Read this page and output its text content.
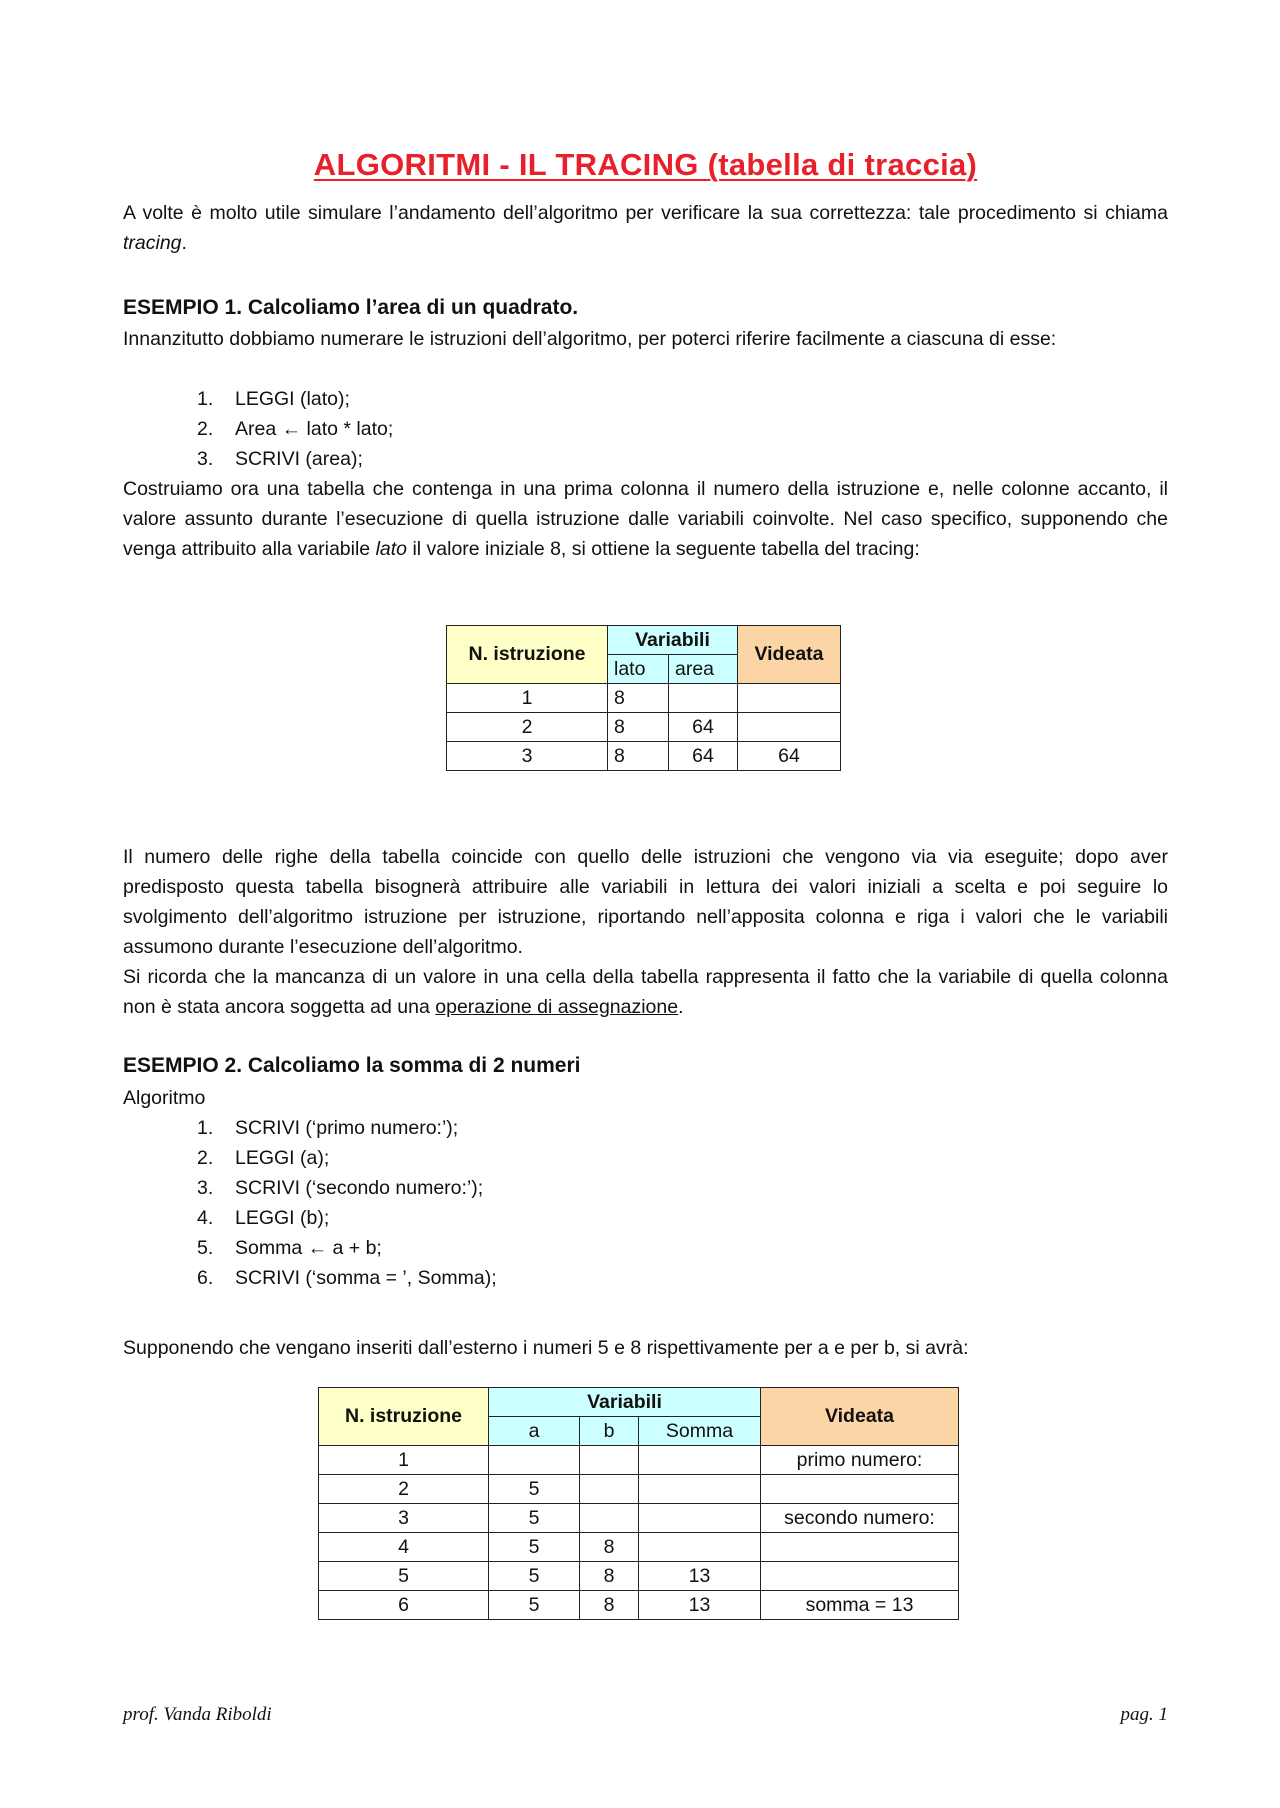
ALGORITMI - IL TRACING (tabella di traccia)

A volte è molto utile simulare l’andamento dell’algoritmo per verificare la sua correttezza: tale procedimento si chiama tracing.

ESEMPIO 1. Calcoliamo l’area di un quadrato.

Innanzitutto dobbiamo numerare le istruzioni dell’algoritmo, per poterci riferire facilmente a ciascuna di esse:

1.	LEGGI (lato);
2.	Area ← lato * lato;
3.	SCRIVI (area);

Costruiamo ora una tabella che contenga in una prima colonna il numero della istruzione e, nelle colonne accanto, il valore assunto durante l’esecuzione di quella istruzione dalle variabili coinvolte. Nel caso specifico, supponendo che venga attribuito alla variabile lato il valore iniziale 8, si ottiene la seguente tabella del tracing:

N. istruzione	Variabili		Videata
	lato	area	
1	8		
2	8	64	
3	8	64	64

Il numero delle righe della tabella coincide con quello delle istruzioni che vengono via via eseguite; dopo aver predisposto questa tabella bisognerà attribuire alle variabili in lettura dei valori iniziali a scelta e poi seguire lo svolgimento dell’algoritmo istruzione per istruzione, riportando nell’apposita colonna e riga i valori che le variabili assumono durante l’esecuzione dell’algoritmo.

Si ricorda che la mancanza di un valore in una cella della tabella rappresenta il fatto che la variabile di quella colonna non è stata ancora soggetta ad una operazione di assegnazione.

ESEMPIO 2. Calcoliamo la somma di 2 numeri

Algoritmo

1.	SCRIVI (‘primo numero:’);
2.	LEGGI (a);
3.	SCRIVI (‘secondo numero:’);
4.	LEGGI (b);
5.	Somma ← a + b;
6.	SCRIVI (‘somma = ’, Somma);

Supponendo che vengano inseriti dall’esterno i numeri 5 e 8 rispettivamente per a e per b, si avrà:

N. istruzione	Variabili			Videata
	a	b	Somma	
1				primo numero:
2	5			
3	5			secondo numero:
4	5	8		
5	5	8	13	
6	5	8	13	somma = 13
prof. Vanda Riboldi	pag. 1
